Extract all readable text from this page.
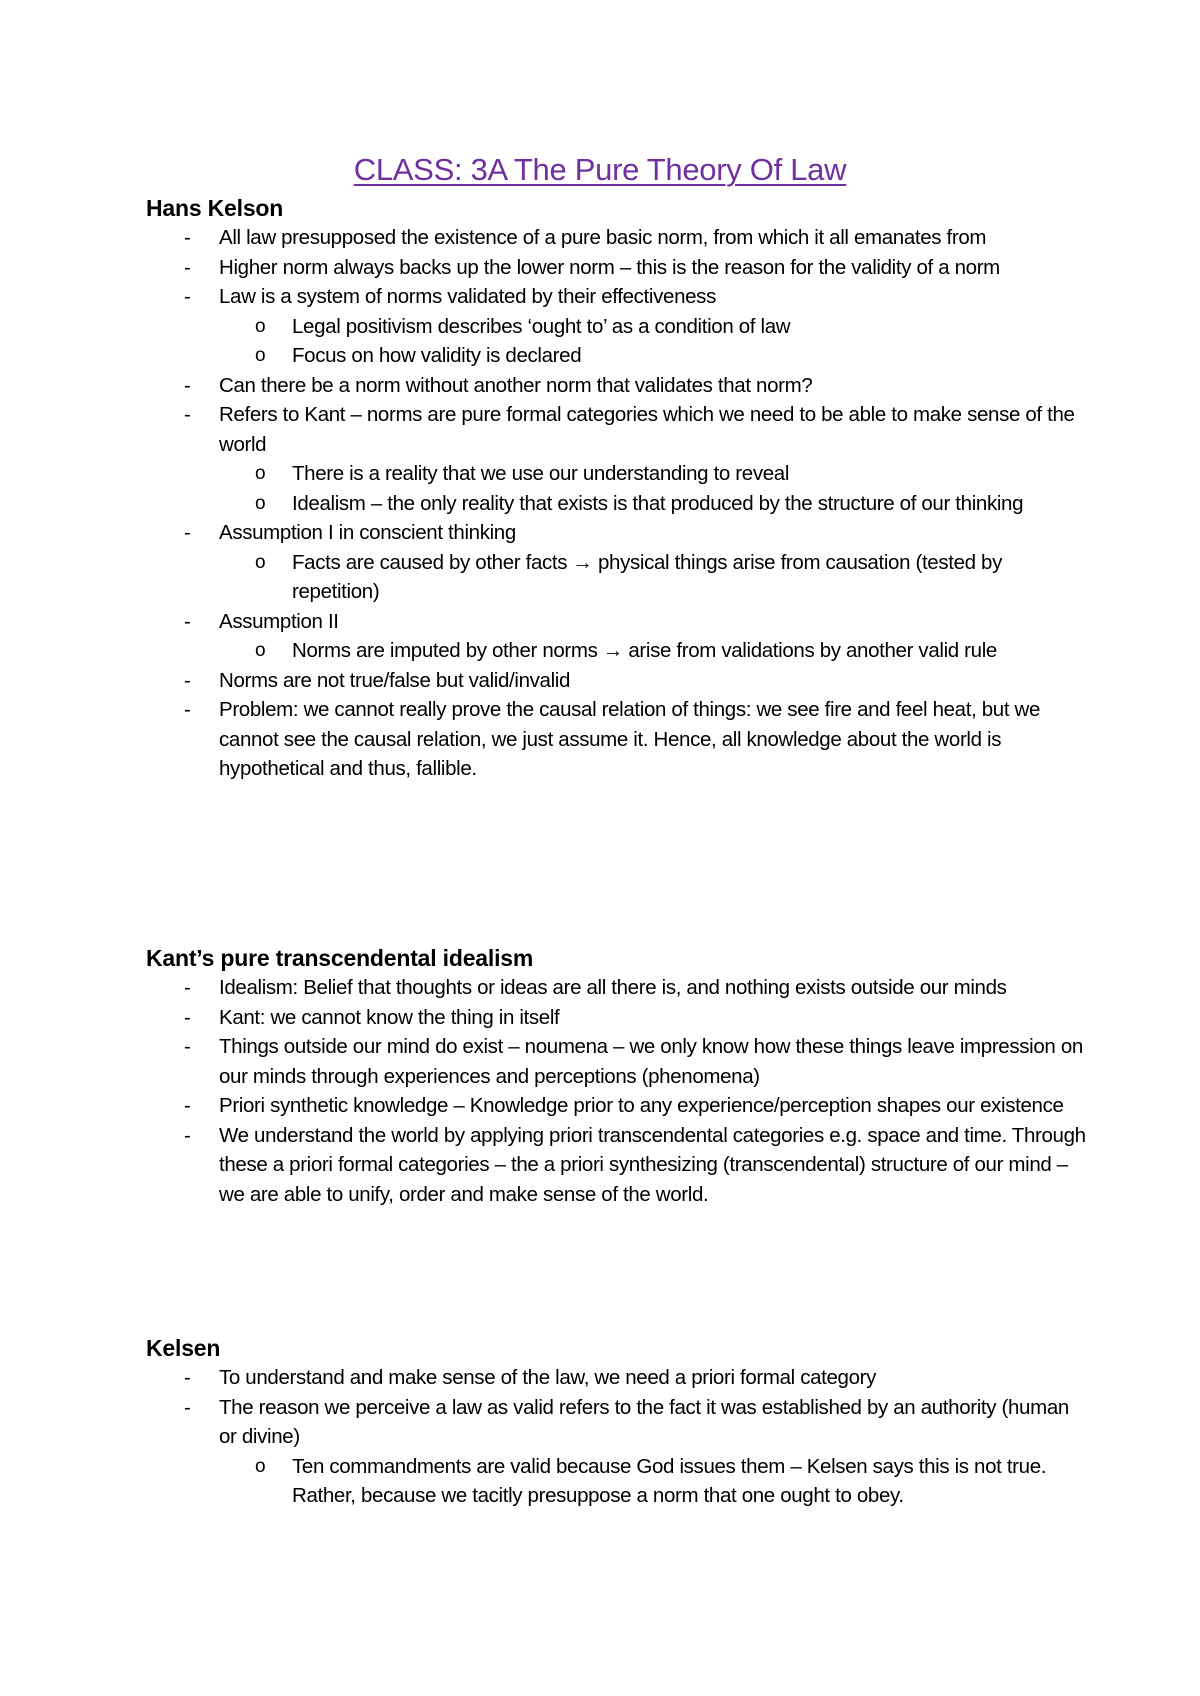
CLASS: 3A The Pure Theory Of Law
Hans Kelson
- All law presupposed the existence of a pure basic norm, from which it all emanates from
- Higher norm always backs up the lower norm – this is the reason for the validity of a norm
- Law is a system of norms validated by their effectiveness
o Legal positivism describes ‘ought to’ as a condition of law
o Focus on how validity is declared
- Can there be a norm without another norm that validates that norm?
- Refers to Kant – norms are pure formal categories which we need to be able to make sense of the world
o There is a reality that we use our understanding to reveal
o Idealism – the only reality that exists is that produced by the structure of our thinking
- Assumption I in conscient thinking
o Facts are caused by other facts → physical things arise from causation (tested by repetition)
- Assumption II
o Norms are imputed by other norms → arise from validations by another valid rule
- Norms are not true/false but valid/invalid
- Problem: we cannot really prove the causal relation of things: we see fire and feel heat, but we cannot see the causal relation, we just assume it. Hence, all knowledge about the world is hypothetical and thus, fallible.
Kant’s pure transcendental idealism
- Idealism: Belief that thoughts or ideas are all there is, and nothing exists outside our minds
- Kant: we cannot know the thing in itself
- Things outside our mind do exist – noumena – we only know how these things leave impression on our minds through experiences and perceptions (phenomena)
- Priori synthetic knowledge – Knowledge prior to any experience/perception shapes our existence
- We understand the world by applying priori transcendental categories e.g. space and time. Through these a priori formal categories – the a priori synthesizing (transcendental) structure of our mind – we are able to unify, order and make sense of the world.
Kelsen
- To understand and make sense of the law, we need a priori formal category
- The reason we perceive a law as valid refers to the fact it was established by an authority (human or divine)
o Ten commandments are valid because God issues them – Kelsen says this is not true. Rather, because we tacitly presuppose a norm that one ought to obey.
